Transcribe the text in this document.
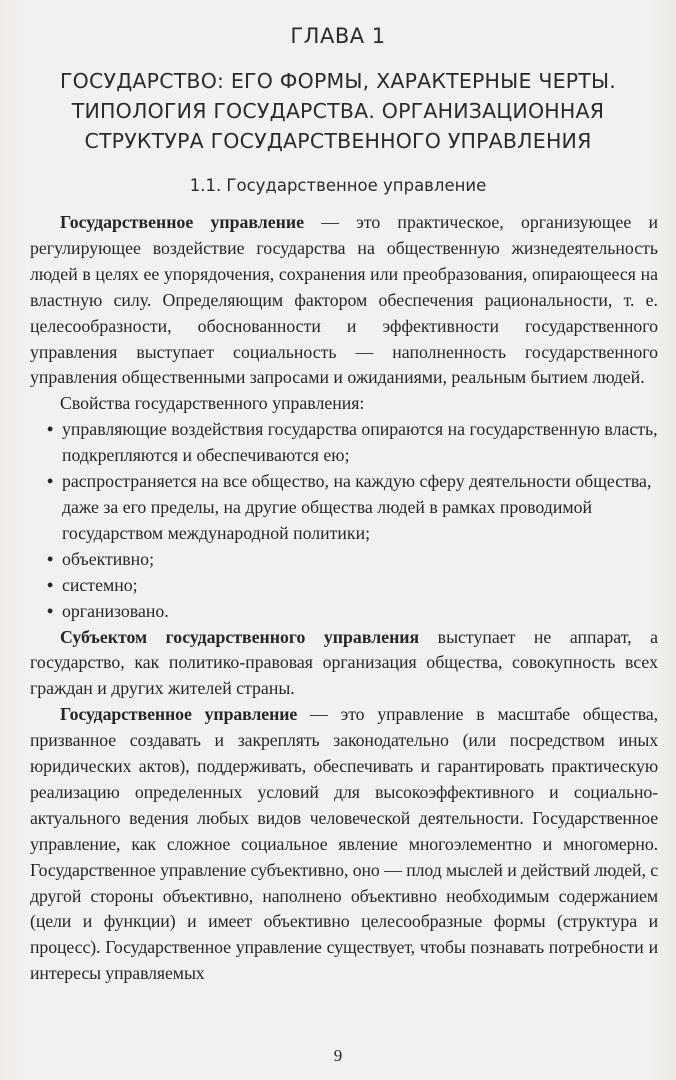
ГЛАВА 1
ГОСУДАРСТВО: ЕГО ФОРМЫ, ХАРАКТЕРНЫЕ ЧЕРТЫ. ТИПОЛОГИЯ ГОСУДАРСТВА. ОРГАНИЗАЦИОННАЯ СТРУКТУРА ГОСУДАРСТВЕННОГО УПРАВЛЕНИЯ
1.1. Государственное управление

Государственное управление — это практическое, организующее и регулирующее воздействие государства на общественную жизнедеятельность людей в целях ее упорядочения, сохранения или преобразования, опирающееся на властную силу. Определяющим фактором обеспечения рациональности, т. е. целесообразности, обоснованности и эффективности государственного управления выступает социальность — наполненность государственного управления общественными запросами и ожиданиями, реальным бытием людей.

Свойства государственного управления:

• управляющие воздействия государства опираются на государственную власть, подкрепляются и обеспечиваются ею;
• распространяется на все общество, на каждую сферу деятельности общества, даже за его пределы, на другие общества людей в рамках проводимой государством международной политики;
• объективно;
• системно;
• организовано.

Субъектом государственного управления выступает не аппарат, а государство, как политико-правовая организация общества, совокупность всех граждан и других жителей страны.

Государственное управление — это управление в масштабе общества, призванное создавать и закреплять законодательно (или посредством иных юридических актов), поддерживать, обеспечивать и гарантировать практическую реализацию определенных условий для высокоэффективного и социально-актуального ведения любых видов человеческой деятельности. Государственное управление, как сложное социальное явление многоэлементно и многомерно. Государственное управление субъективно, оно — плод мыслей и действий людей, с другой стороны объективно, наполнено объективно необходимым содержанием (цели и функции) и имеет объективно целесообразные формы (структура и процесс). Государственное управление существует, чтобы познавать потребности и интересы управляемых

9
